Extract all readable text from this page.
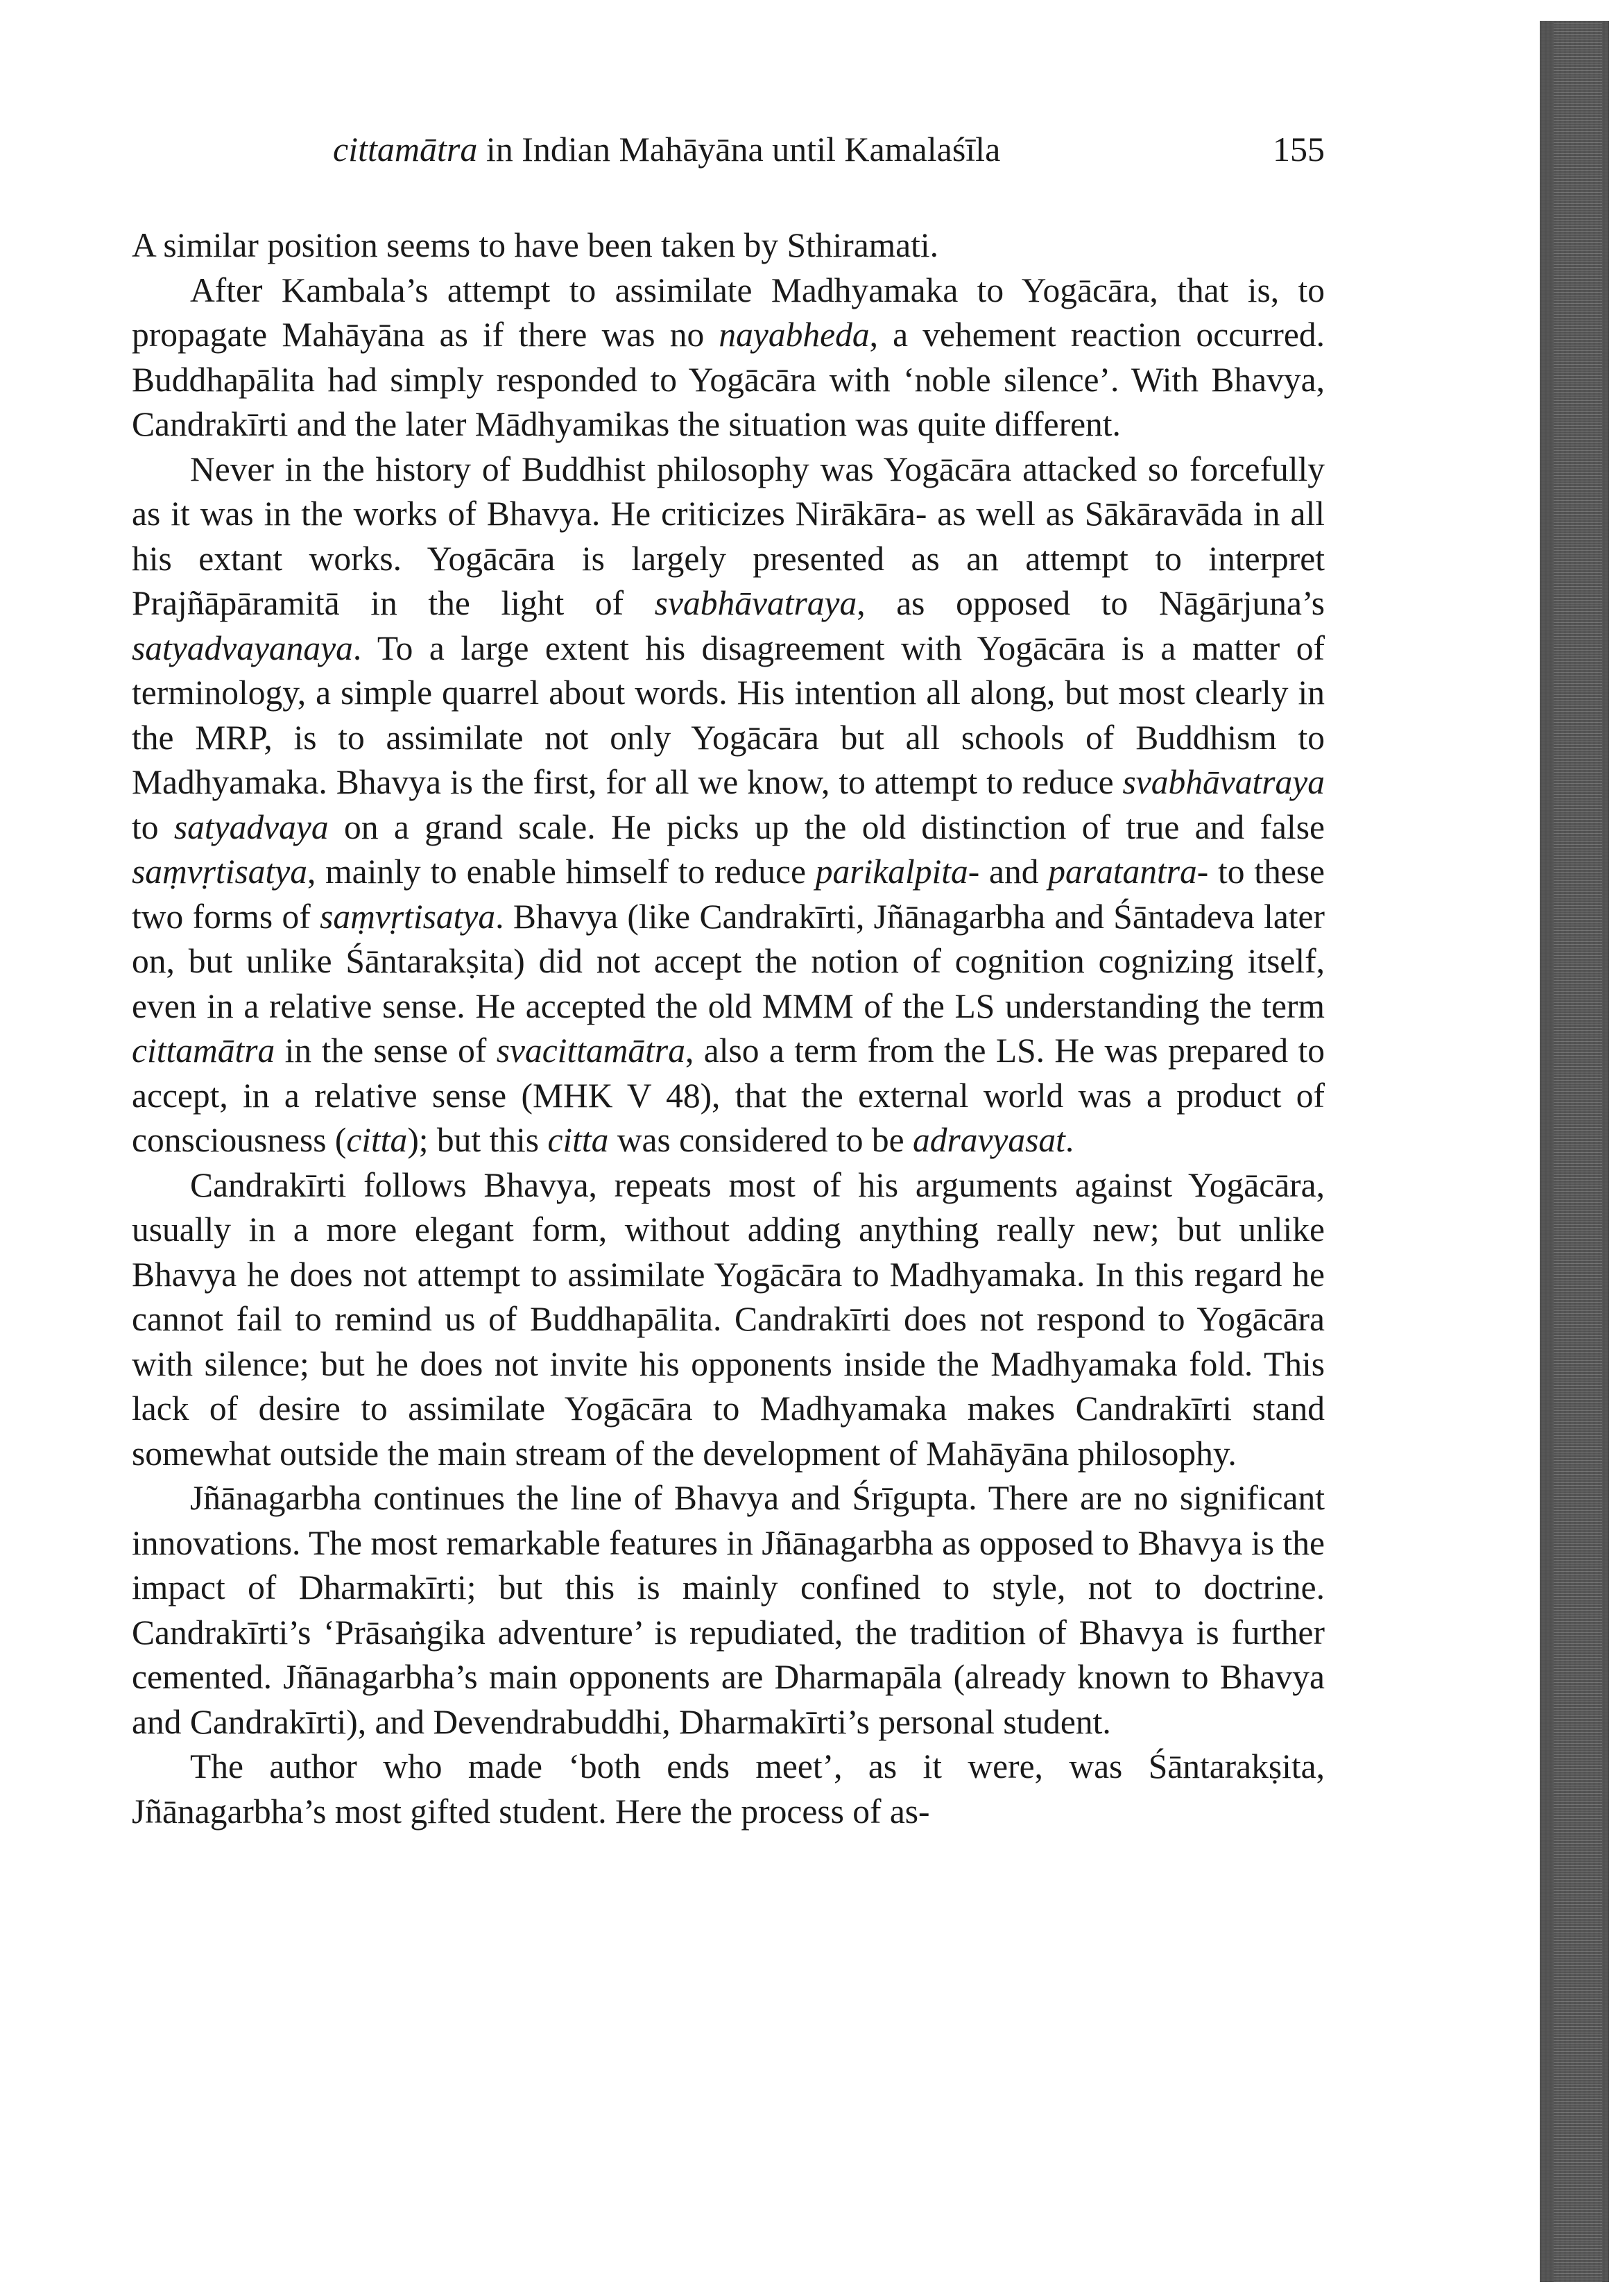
cittamātra in Indian Mahāyāna until Kamalaśīla	155

A similar position seems to have been taken by Sthiramati.

After Kambala’s attempt to assimilate Madhyamaka to Yogācāra, that is, to propagate Mahāyāna as if there was no nayabheda, a vehement reaction occurred. Buddhapālita had simply responded to Yogācāra with ‘noble silence’. With Bhavya, Candrakīrti and the later Mādhyamikas the situation was quite different.

Never in the history of Buddhist philosophy was Yogācāra attacked so forcefully as it was in the works of Bhavya. He criticizes Nirākāra- as well as Sākāravāda in all his extant works. Yogācāra is largely presented as an attempt to interpret Prajñāpāramitā in the light of svabhāvatraya, as opposed to Nāgārjuna’s satyadvayanaya. To a large extent his disagreement with Yogācāra is a matter of terminology, a simple quarrel about words. His intention all along, but most clearly in the MRP, is to assimilate not only Yogācāra but all schools of Buddhism to Madhyamaka. Bhavya is the first, for all we know, to attempt to reduce svabhāvatraya to satyadvaya on a grand scale. He picks up the old distinction of true and false saṃvṛtisatya, mainly to enable himself to reduce parikalpita- and paratantra- to these two forms of saṃvṛtisatya. Bhavya (like Candrakīrti, Jñānagarbha and Śāntadeva later on, but unlike Śāntarakṣita) did not accept the notion of cognition cognizing itself, even in a relative sense. He accepted the old MMM of the LS understanding the term cittamātra in the sense of svacittamātra, also a term from the LS. He was prepared to accept, in a relative sense (MHK V 48), that the external world was a product of consciousness (citta); but this citta was considered to be adravyasat.

Candrakīrti follows Bhavya, repeats most of his arguments against Yogācāra, usually in a more elegant form, without adding anything really new; but unlike Bhavya he does not attempt to assimilate Yogācāra to Madhyamaka. In this regard he cannot fail to remind us of Buddhapālita. Candrakīrti does not respond to Yogācāra with silence; but he does not invite his opponents inside the Madhyamaka fold. This lack of desire to assimilate Yogācāra to Madhyamaka makes Candrakīrti stand somewhat outside the main stream of the development of Mahāyāna philosophy.

Jñānagarbha continues the line of Bhavya and Śrīgupta. There are no significant innovations. The most remarkable features in Jñānagarbha as opposed to Bhavya is the impact of Dharmakīrti; but this is mainly confined to style, not to doctrine. Candrakīrti’s ‘Prāsaṅgika adventure’ is repudiated, the tradition of Bhavya is further cemented. Jñānagarbha’s main opponents are Dharmapāla (already known to Bhavya and Candrakīrti), and Devendrabuddhi, Dharmakīrti’s personal student.

The author who made ‘both ends meet’, as it were, was Śāntarakṣita, Jñānagarbha’s most gifted student. Here the process of as-
